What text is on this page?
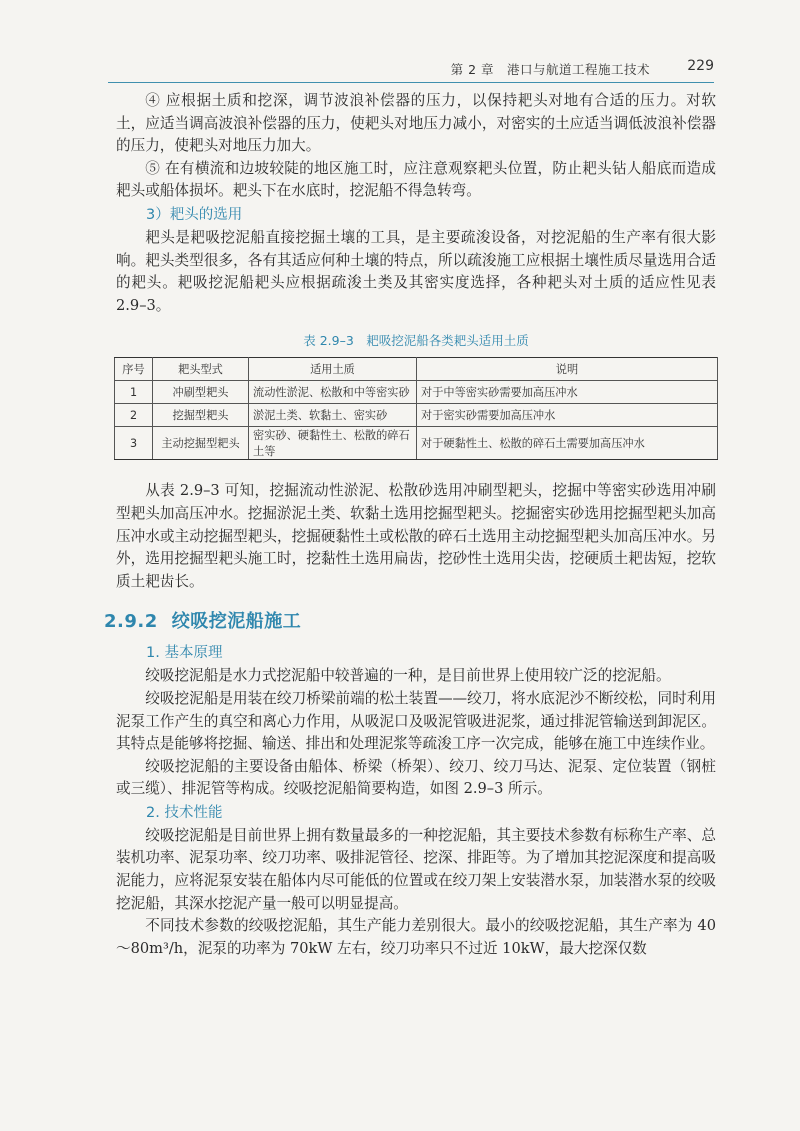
第 2 章　港口与航道工程施工技术	229

④ 应根据土质和挖深，调节波浪补偿器的压力，以保持耙头对地有合适的压力。对软土，应适当调高波浪补偿器的压力，使耙头对地压力减小，对密实的土应适当调低波浪补偿器的压力，使耙头对地压力加大。

⑤ 在有横流和边坡较陡的地区施工时，应注意观察耙头位置，防止耙头钻人船底而造成耙头或船体损坏。耙头下在水底时，挖泥船不得急转弯。

3）耙头的选用

耙头是耙吸挖泥船直接挖掘土壤的工具，是主要疏浚设备，对挖泥船的生产率有很大影响。耙头类型很多，各有其适应何种土壤的特点，所以疏浚施工应根据土壤性质尽量选用合适的耙头。耙吸挖泥船耙头应根据疏浚土类及其密实度选择，各种耙头对土质的适应性见表 2.9–3。

表 2.9–3　耙吸挖泥船各类耙头适用土质
序号	耙头型式	适用土质	说明
1	冲刷型耙头	流动性淤泥、松散和中等密实砂	对于中等密实砂需要加高压冲水
2	挖掘型耙头	淤泥土类、软黏土、密实砂	对于密实砂需要加高压冲水
3	主动挖掘型耙头	密实砂、硬黏性土、松散的碎石土等	对于硬黏性土、松散的碎石土需要加高压冲水

从表 2.9–3 可知，挖掘流动性淤泥、松散砂选用冲刷型耙头，挖掘中等密实砂选用冲刷型耙头加高压冲水。挖掘淤泥土类、软黏土选用挖掘型耙头。挖掘密实砂选用挖掘型耙头加高压冲水或主动挖掘型耙头，挖掘硬黏性土或松散的碎石土选用主动挖掘型耙头加高压冲水。另外，选用挖掘型耙头施工时，挖黏性土选用扁齿，挖砂性土选用尖齿，挖硬质土耙齿短，挖软质土耙齿长。

2.9.2 绞吸挖泥船施工
1. 基本原理

绞吸挖泥船是水力式挖泥船中较普遍的一种，是目前世界上使用较广泛的挖泥船。

绞吸挖泥船是用装在绞刀桥梁前端的松土装置——绞刀，将水底泥沙不断绞松，同时利用泥泵工作产生的真空和离心力作用，从吸泥口及吸泥管吸进泥浆，通过排泥管输送到卸泥区。其特点是能够将挖掘、输送、排出和处理泥浆等疏浚工序一次完成，能够在施工中连续作业。

绞吸挖泥船的主要设备由船体、桥梁（桥架）、绞刀、绞刀马达、泥泵、定位装置（钢桩或三缆）、排泥管等构成。绞吸挖泥船简要构造，如图 2.9–3 所示。

2. 技术性能

绞吸挖泥船是目前世界上拥有数量最多的一种挖泥船，其主要技术参数有标称生产率、总装机功率、泥泵功率、绞刀功率、吸排泥管径、挖深、排距等。为了增加其挖泥深度和提高吸泥能力，应将泥泵安装在船体内尽可能低的位置或在绞刀架上安装潜水泵，加装潜水泵的绞吸挖泥船，其深水挖泥产量一般可以明显提高。

不同技术参数的绞吸挖泥船，其生产能力差别很大。最小的绞吸挖泥船，其生产率为 40～80m³/h，泥泵的功率为 70kW 左右，绞刀功率只不过近 10kW，最大挖深仅数
